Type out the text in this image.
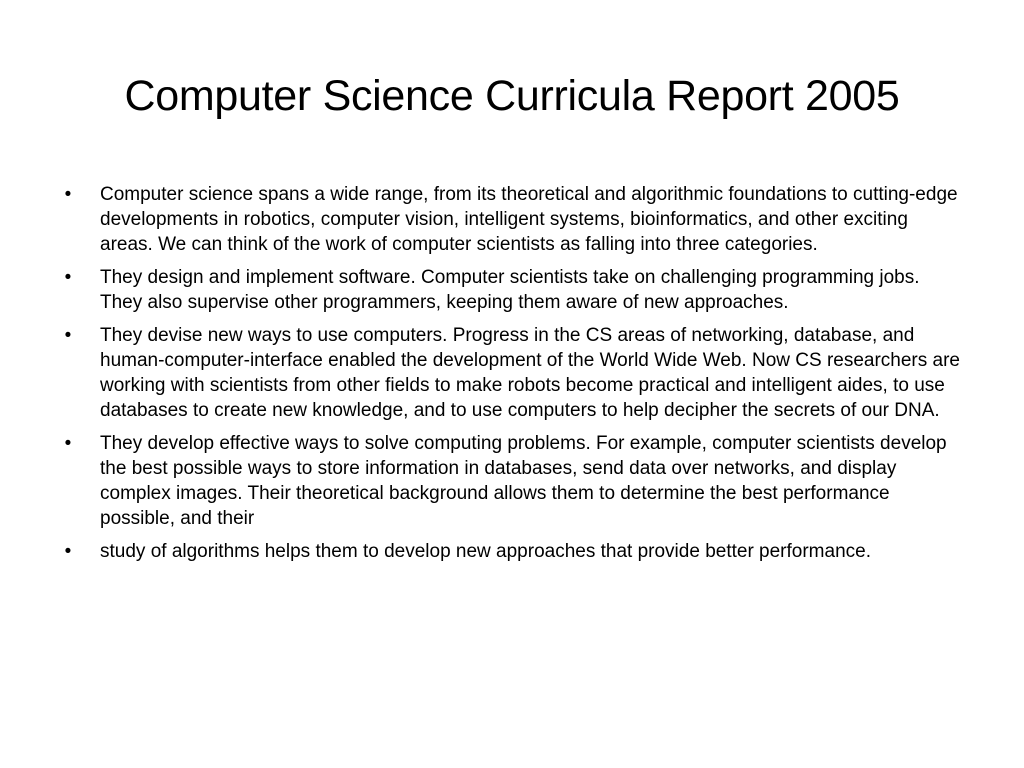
Computer Science Curricula Report 2005
•	Computer science spans a wide range, from its theoretical and algorithmic foundations to cutting-edge developments in robotics, computer vision, intelligent systems, bioinformatics, and other exciting areas. We can think of the work of computer scientists as falling into three categories.
•	They design and implement software. Computer scientists take on challenging programming jobs. They also supervise other programmers, keeping them aware of new approaches.
•	They devise new ways to use computers. Progress in the CS areas of networking, database, and human-computer-interface enabled the development of the World Wide Web. Now CS researchers are working with scientists from other fields to make robots become practical and intelligent aides, to use databases to create new knowledge, and to use computers to help decipher the secrets of our DNA.
•	They develop effective ways to solve computing problems. For example, computer scientists develop the best possible ways to store information in databases, send data over networks, and display complex images. Their theoretical background allows them to determine the best performance possible, and their
•	study of algorithms helps them to develop new approaches that provide better performance.
